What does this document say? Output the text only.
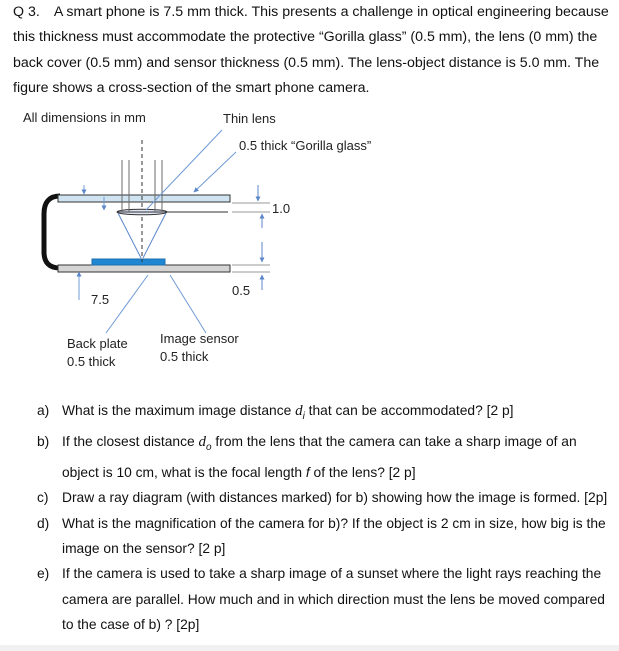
Q 3. A smart phone is 7.5 mm thick. This presents a challenge in optical engineering because this thickness must accommodate the protective “Gorilla glass” (0.5 mm), the lens (0 mm) the back cover (0.5 mm) and sensor thickness (0.5 mm). The lens-object distance is 5.0 mm. The figure shows a cross-section of the smart phone camera.
All dimensions in mm	Thin lens
0.5 thick “Gorilla glass”
1.0
0.5
7.5
Back plate
0.5 thick
Image sensor
0.5 thick
a) What is the maximum image distance $d_i$ that can be accommodated? [2 p]
b) If the closest distance $d_o$ from the lens that the camera can take a sharp image of an object is 10 cm, what is the focal length f of the lens? [2 p]
c) Draw a ray diagram (with distances marked) for b) showing how the image is formed. [2p]
d) What is the magnification of the camera for b)? If the object is 2 cm in size, how big is the image on the sensor? [2 p]
e) If the camera is used to take a sharp image of a sunset where the light rays reaching the camera are parallel. How much and in which direction must the lens be moved compared to the case of b) ? [2p]
